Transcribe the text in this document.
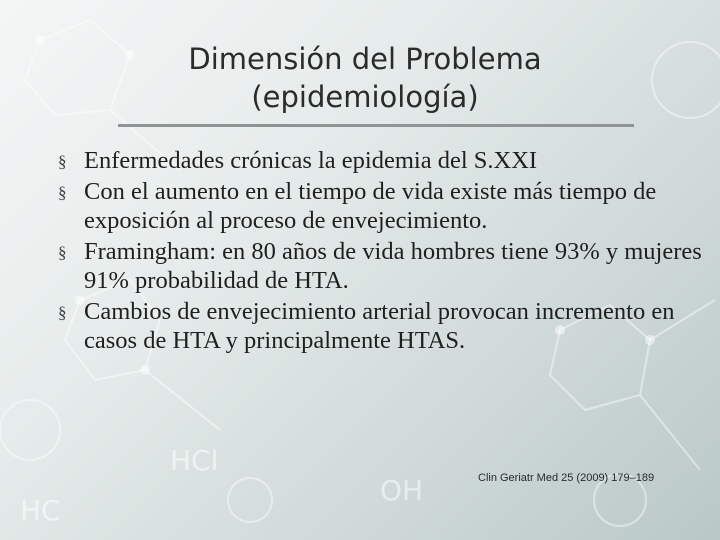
HCl
HC
OH
Dimensión del Problema
(epidemiología)
§ Enfermedades crónicas la epidemia del S.XXI
§ Con el aumento en el tiempo de vida existe más tiempo de exposición al proceso de envejecimiento.
§ Framingham: en 80 años de vida hombres tiene 93% y mujeres 91% probabilidad de HTA.
§ Cambios de envejecimiento arterial provocan incremento en casos de HTA y principalmente HTAS.
Clin Geriatr Med 25 (2009) 179–189
